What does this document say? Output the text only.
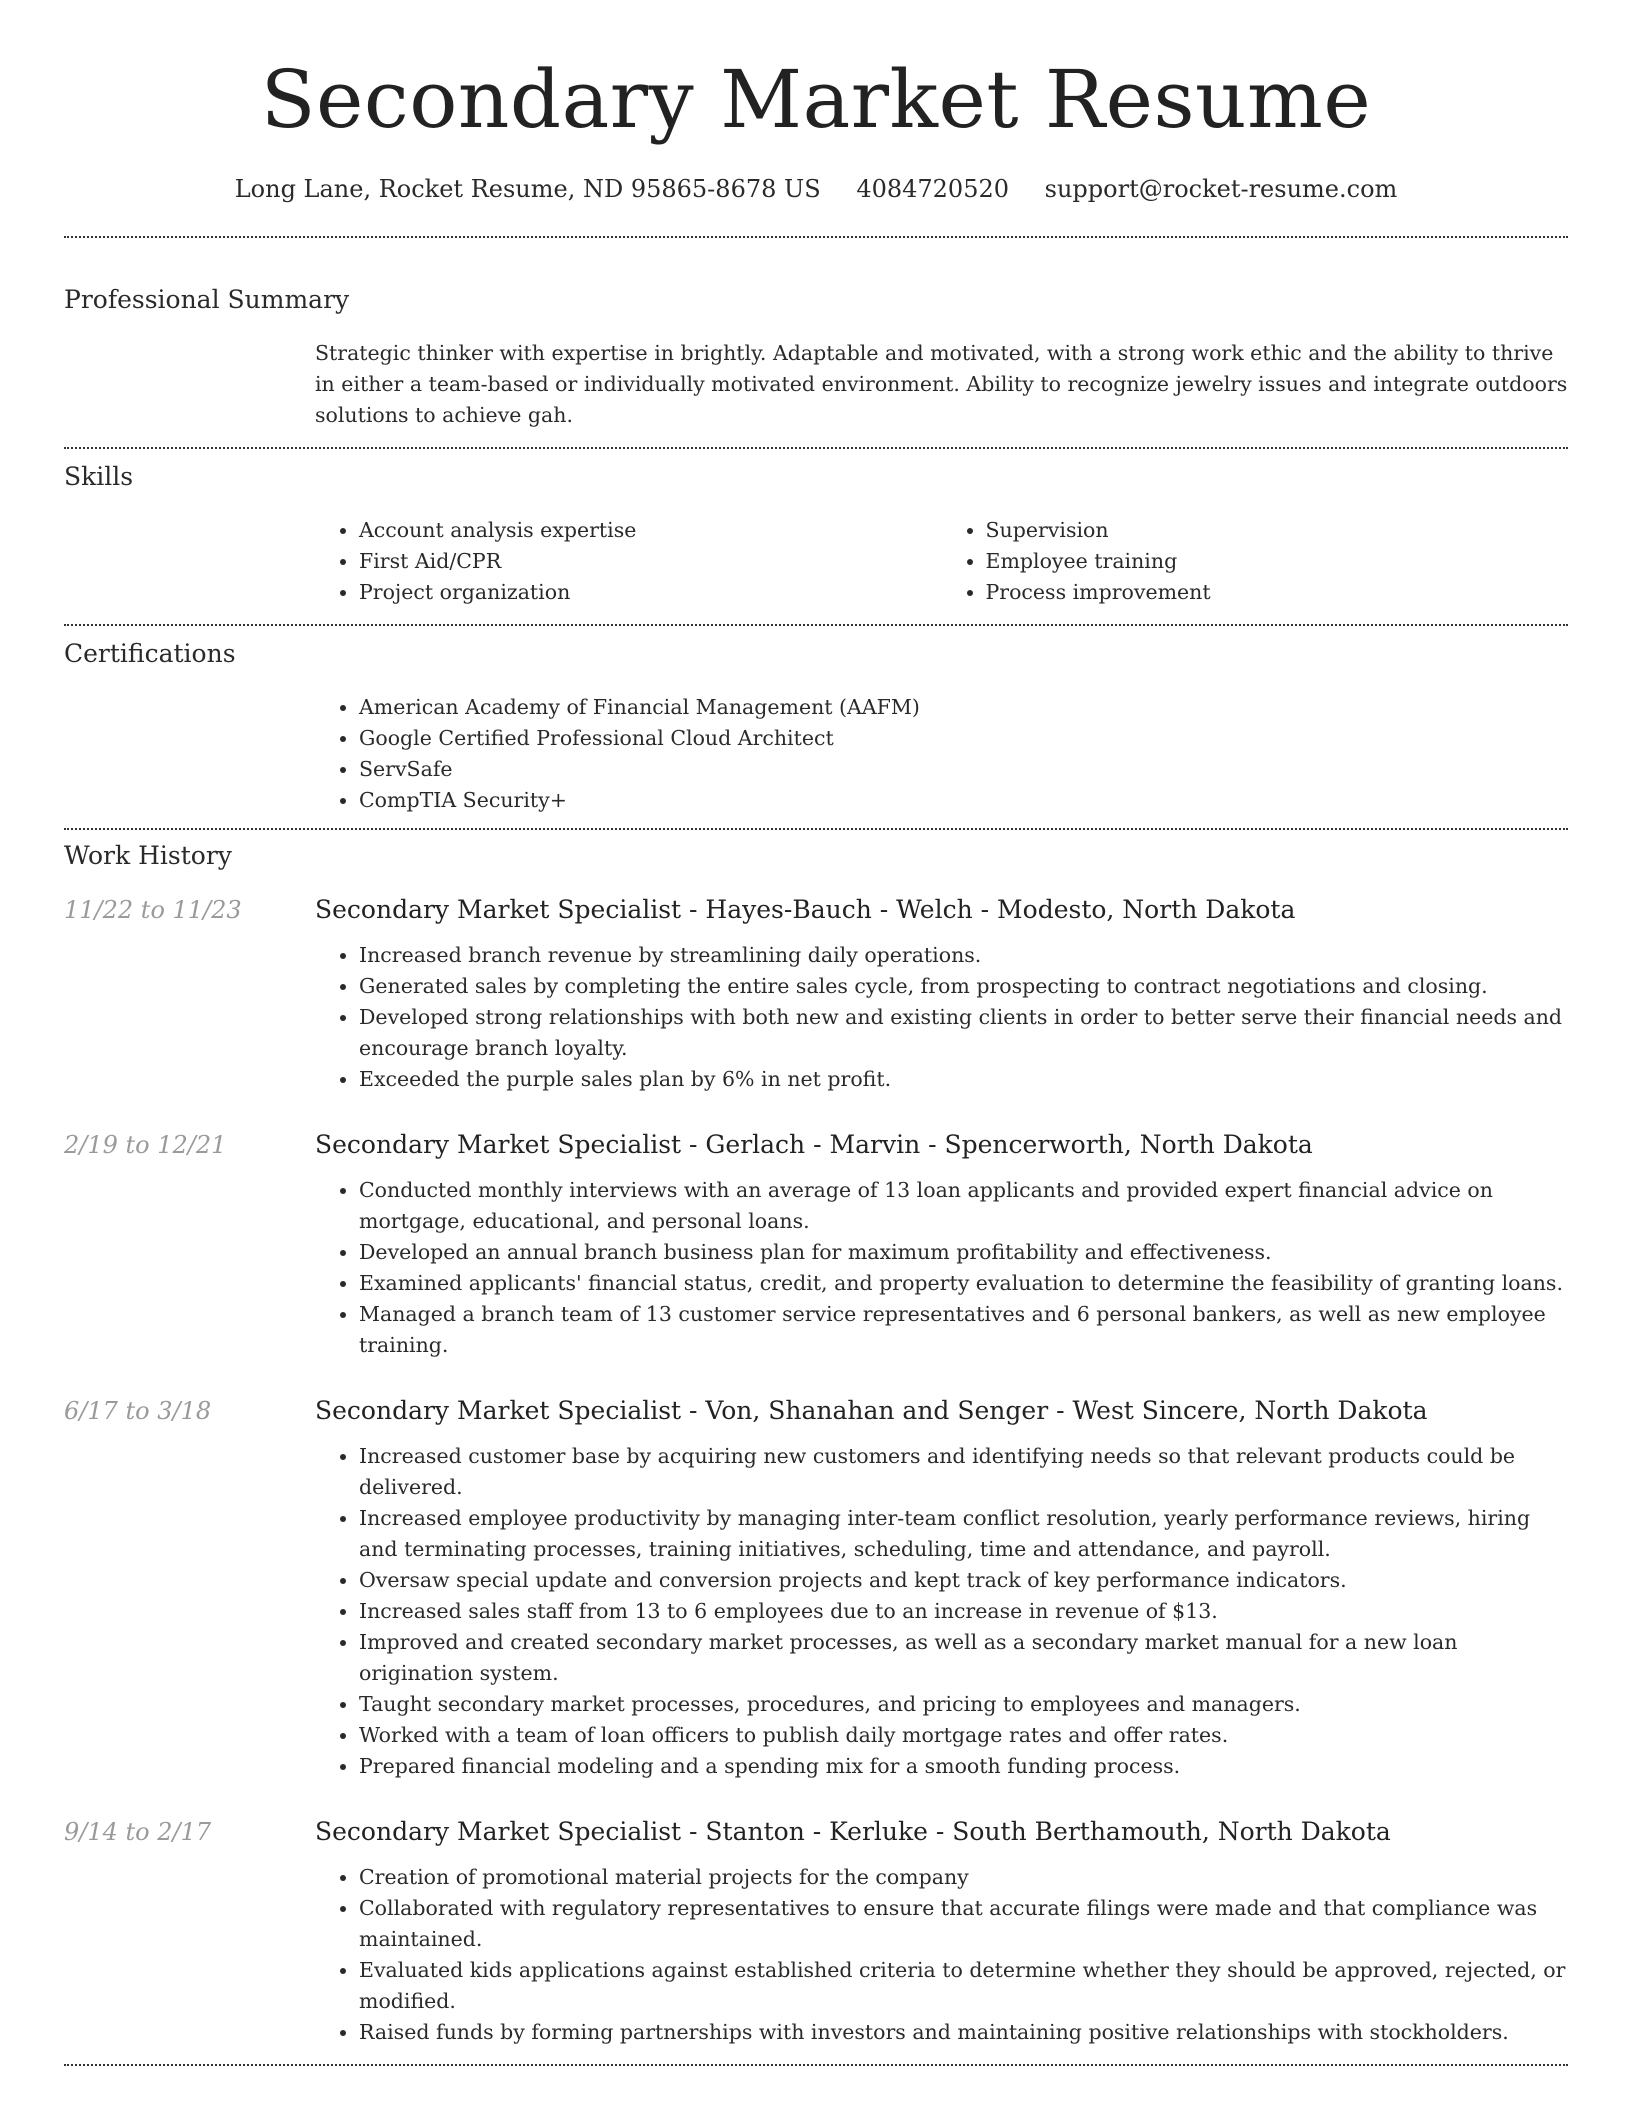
Secondary Market Resume
Long Lane, Rocket Resume, ND 95865-8678 US 4084720520 support@rocket-resume.com
Professional Summary
Strategic thinker with expertise in brightly. Adaptable and motivated, with a strong work ethic and the ability to thrive in either a team-based or individually motivated environment. Ability to recognize jewelry issues and integrate outdoors solutions to achieve gah.
Skills
• Account analysis expertise
• First Aid/CPR
• Project organization
• Supervision
• Employee training
• Process improvement
Certifications
• American Academy of Financial Management (AAFM)
• Google Certified Professional Cloud Architect
• ServSafe
• CompTIA Security+
Work History
11/22 to 11/23	Secondary Market Specialist - Hayes-Bauch - Welch - Modesto, North Dakota
• Increased branch revenue by streamlining daily operations.
• Generated sales by completing the entire sales cycle, from prospecting to contract negotiations and closing.
• Developed strong relationships with both new and existing clients in order to better serve their financial needs and encourage branch loyalty.
• Exceeded the purple sales plan by 6% in net profit.
2/19 to 12/21	Secondary Market Specialist - Gerlach - Marvin - Spencerworth, North Dakota
• Conducted monthly interviews with an average of 13 loan applicants and provided expert financial advice on mortgage, educational, and personal loans.
• Developed an annual branch business plan for maximum profitability and effectiveness.
• Examined applicants' financial status, credit, and property evaluation to determine the feasibility of granting loans.
• Managed a branch team of 13 customer service representatives and 6 personal bankers, as well as new employee training.
6/17 to 3/18	Secondary Market Specialist - Von, Shanahan and Senger - West Sincere, North Dakota
• Increased customer base by acquiring new customers and identifying needs so that relevant products could be delivered.
• Increased employee productivity by managing inter-team conflict resolution, yearly performance reviews, hiring and terminating processes, training initiatives, scheduling, time and attendance, and payroll.
• Oversaw special update and conversion projects and kept track of key performance indicators.
• Increased sales staff from 13 to 6 employees due to an increase in revenue of $13.
• Improved and created secondary market processes, as well as a secondary market manual for a new loan origination system.
• Taught secondary market processes, procedures, and pricing to employees and managers.
• Worked with a team of loan officers to publish daily mortgage rates and offer rates.
• Prepared financial modeling and a spending mix for a smooth funding process.
9/14 to 2/17	Secondary Market Specialist - Stanton - Kerluke - South Berthamouth, North Dakota
• Creation of promotional material projects for the company
• Collaborated with regulatory representatives to ensure that accurate filings were made and that compliance was maintained.
• Evaluated kids applications against established criteria to determine whether they should be approved, rejected, or modified.
• Raised funds by forming partnerships with investors and maintaining positive relationships with stockholders.
